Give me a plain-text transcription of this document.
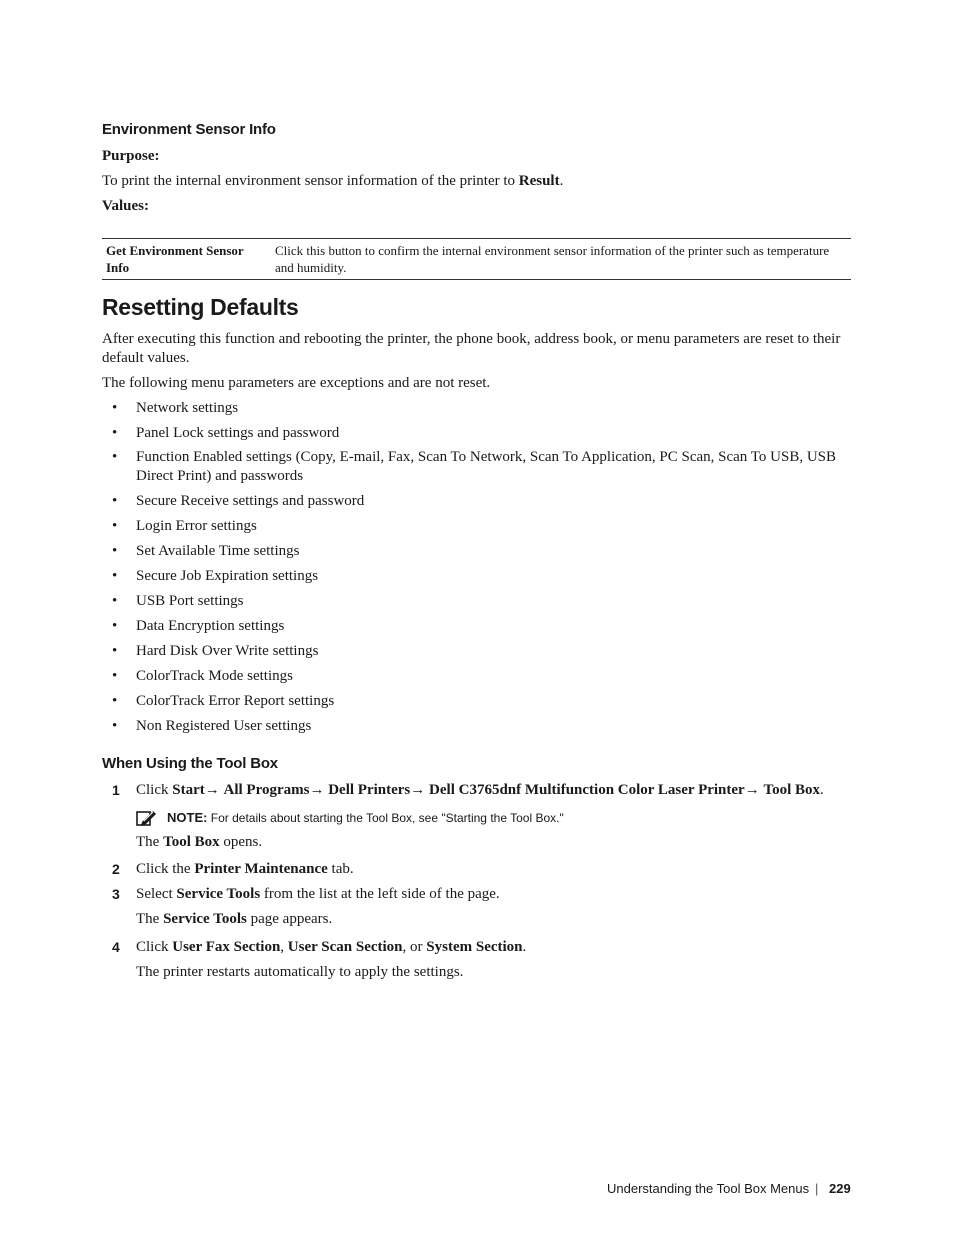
Environment Sensor Info
Purpose:
To print the internal environment sensor information of the printer to Result.
Values:
Get Environment Sensor Info
Click this button to confirm the internal environment sensor information of the printer such as temperature and humidity.
Resetting Defaults
After executing this function and rebooting the printer, the phone book, address book, or menu parameters are reset to their default values.
The following menu parameters are exceptions and are not reset.
• Network settings
• Panel Lock settings and password
• Function Enabled settings (Copy, E-mail, Fax, Scan To Network, Scan To Application, PC Scan, Scan To USB, USB Direct Print) and passwords
• Secure Receive settings and password
• Login Error settings
• Set Available Time settings
• Secure Job Expiration settings
• USB Port settings
• Data Encryption settings
• Hard Disk Over Write settings
• ColorTrack Mode settings
• ColorTrack Error Report settings
• Non Registered User settings
When Using the Tool Box
1 Click Start→ All Programs→ Dell Printers→ Dell C3765dnf Multifunction Color Laser Printer→ Tool Box.
NOTE: For details about starting the Tool Box, see "Starting the Tool Box."
The Tool Box opens.
2 Click the Printer Maintenance tab.
3 Select Service Tools from the list at the left side of the page.
The Service Tools page appears.
4 Click User Fax Section, User Scan Section, or System Section.
The printer restarts automatically to apply the settings.
Understanding the Tool Box Menus | 229
